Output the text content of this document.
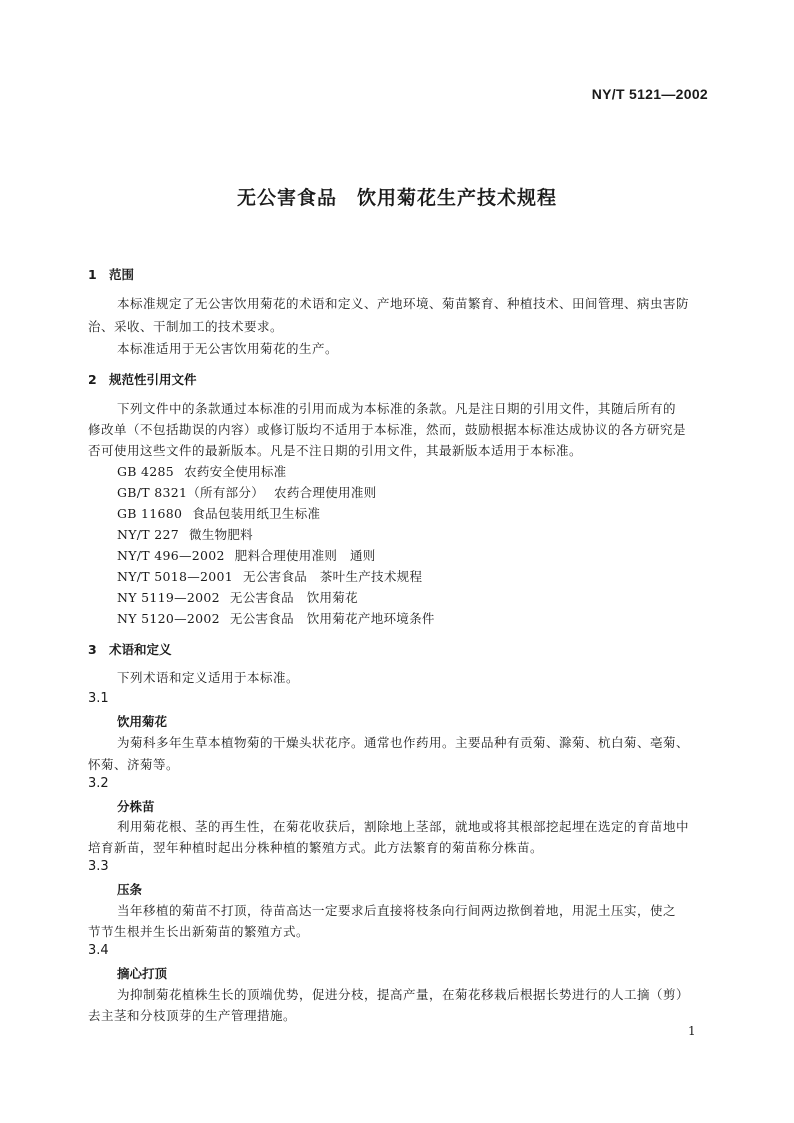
NY/T 5121—2002
无公害食品　饮用菊花生产技术规程
1 范围
本标准规定了无公害饮用菊花的术语和定义、产地环境、菊苗繁育、种植技术、田间管理、病虫害防
治、采收、干制加工的技术要求。
本标准适用于无公害饮用菊花的生产。
2 规范性引用文件
下列文件中的条款通过本标准的引用而成为本标准的条款。凡是注日期的引用文件，其随后所有的
修改单（不包括勘误的内容）或修订版均不适用于本标准，然而，鼓励根据本标准达成协议的各方研究是
否可使用这些文件的最新版本。凡是不注日期的引用文件，其最新版本适用于本标准。
GB 4285 农药安全使用标准
GB/T 8321（所有部分） 农药合理使用准则
GB 11680 食品包装用纸卫生标准
NY/T 227 微生物肥料
NY/T 496—2002 肥料合理使用准则　通则
NY/T 5018—2001 无公害食品　茶叶生产技术规程
NY 5119—2002 无公害食品　饮用菊花
NY 5120—2002 无公害食品　饮用菊花产地环境条件
3 术语和定义
下列术语和定义适用于本标准。
3.1
饮用菊花
为菊科多年生草本植物菊的干燥头状花序。通常也作药用。主要品种有贡菊、滁菊、杭白菊、亳菊、
怀菊、济菊等。
3.2
分株苗
利用菊花根、茎的再生性，在菊花收获后，割除地上茎部，就地或将其根部挖起埋在选定的育苗地中
培育新苗，翌年种植时起出分株种植的繁殖方式。此方法繁育的菊苗称分株苗。
3.3
压条
当年移植的菊苗不打顶，待苗高达一定要求后直接将枝条向行间两边揿倒着地，用泥土压实，使之
节节生根并生长出新菊苗的繁殖方式。
3.4
摘心打顶
为抑制菊花植株生长的顶端优势，促进分枝，提高产量，在菊花移栽后根据长势进行的人工摘（剪）
去主茎和分枝顶芽的生产管理措施。
1
